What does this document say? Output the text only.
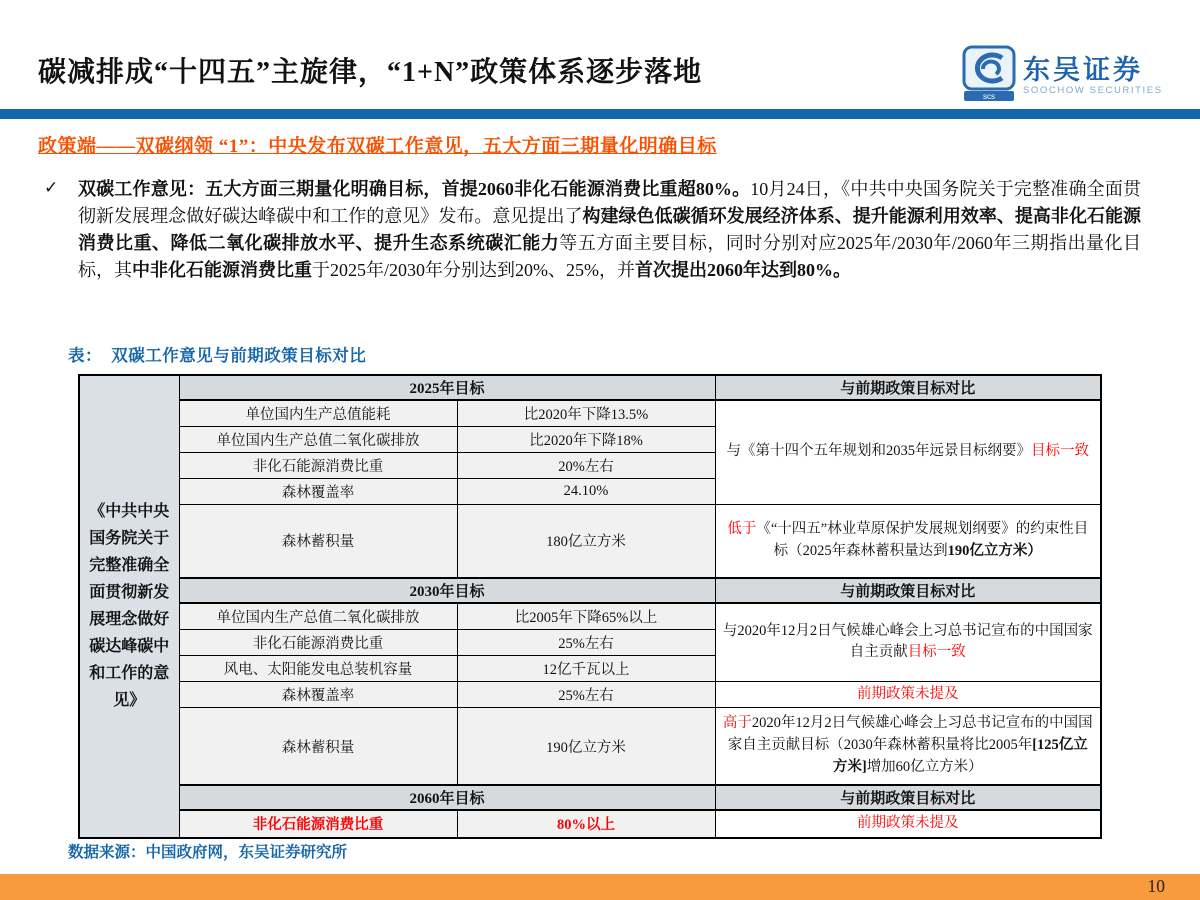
碳减排成“十四五”主旋律，“1+N”政策体系逐步落地
scs
东吴证券
SOOCHOW SECURITIES
政策端——双碳纲领 “1”：中央发布双碳工作意见，五大方面三期量化明确目标
✓	双碳工作意见：五大方面三期量化明确目标，首提2060非化石能源消费比重超80%。10月24日，《中共中央国务院关于完整准确全面贯彻新发展理念做好碳达峰碳中和工作的意见》发布。意见提出了构建绿色低碳循环发展经济体系、提升能源利用效率、提高非化石能源消费比重、降低二氧化碳排放水平、提升生态系统碳汇能力等五方面主要目标，同时分别对应2025年/2030年/2060年三期指出量化目标，其中非化石能源消费比重于2025年/2030年分别达到20%、25%，并首次提出2060年达到80%。
表：  双碳工作意见与前期政策目标对比
《中共中央国务院关于完整准确全面贯彻新发展理念做好碳达峰碳中和工作的意见》	2025年目标		与前期政策目标对比
	单位国内生产总值能耗	比2020年下降13.5%	与《第十四个五年规划和2035年远景目标纲要》目标一致
	单位国内生产总值二氧化碳排放	比2020年下降18%	
	非化石能源消费比重	20%左右	
	森林覆盖率	24.10%	
	森林蓄积量	180亿立方米	低于《“十四五”林业草原保护发展规划纲要》的约束性目标（2025年森林蓄积量达到190亿立方米）
	2030年目标		与前期政策目标对比
	单位国内生产总值二氧化碳排放	比2005年下降65%以上	与2020年12月2日气候雄心峰会上习总书记宣布的中国国家自主贡献目标一致
	非化石能源消费比重	25%左右	
	风电、太阳能发电总装机容量	12亿千瓦以上	
	森林覆盖率	25%左右	前期政策未提及
	森林蓄积量	190亿立方米	高于2020年12月2日气候雄心峰会上习总书记宣布的中国国家自主贡献目标（2030年森林蓄积量将比2005年[125亿立方米]增加60亿立方米）
	2060年目标		与前期政策目标对比
	非化石能源消费比重	80%以上	前期政策未提及
数据来源：中国政府网，东吴证券研究所
10
